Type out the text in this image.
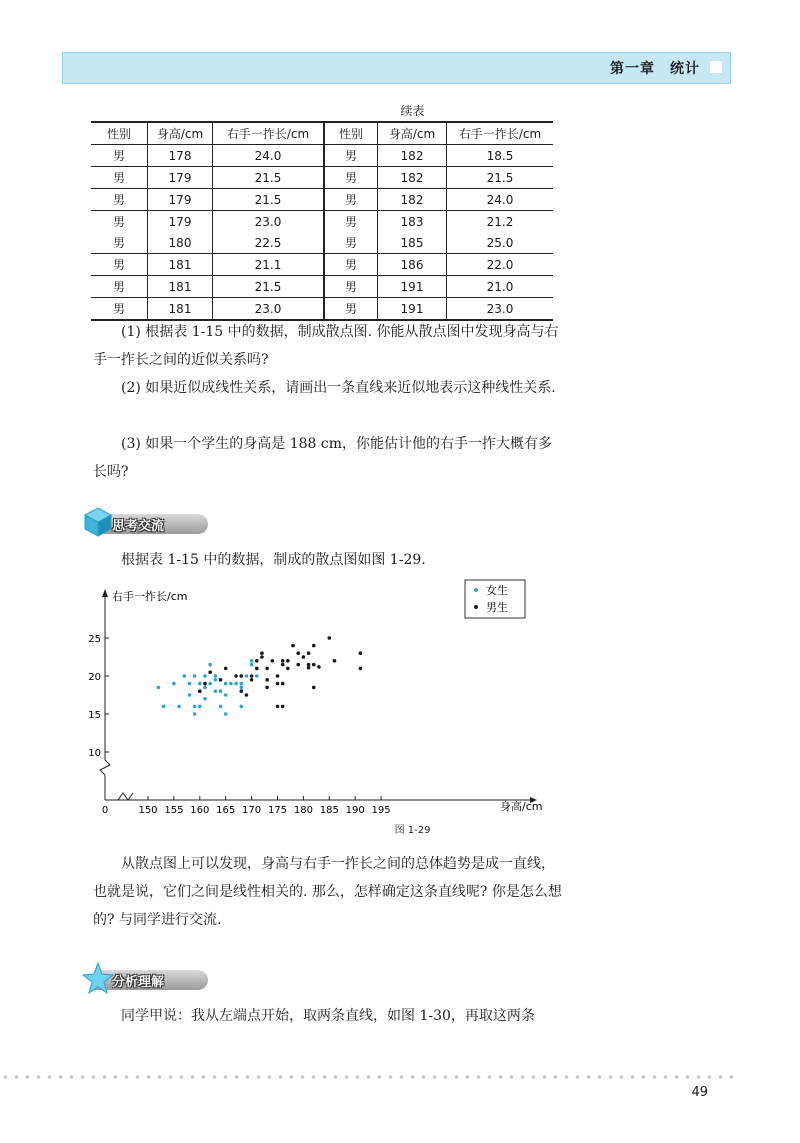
第一章　统计
续表
性别	身高/cm	右手一拃长/cm	性别	身高/cm	右手一拃长/cm
男	178	24.0	男	182	18.5
男	179	21.5	男	182	21.5
男	179	21.5	男	182	24.0
男	179	23.0	男	183	21.2
男	180	22.5	男	185	25.0
男	181	21.1	男	186	22.0
男	181	21.5	男	191	21.0
男	181	23.0	男	191	23.0
(1) 根据表 1-15 中的数据，制成散点图. 你能从散点图中发现身高与右手一拃长之间的近似关系吗?
(2) 如果近似成线性关系，请画出一条直线来近似地表示这种线性关系.
(3) 如果一个学生的身高是 188 cm，你能估计他的右手一拃大概有多长吗?
思考交流
根据表 1-15 中的数据，制成的散点图如图 1-29.
0	150 155 160 165 170 175 180 185 190 195
10
15
20
25
女生
男生
右手一拃长/cm
身高/cm
图 1-29
从散点图上可以发现，身高与右手一拃长之间的总体趋势是成一直线，也就是说，它们之间是线性相关的. 那么，怎样确定这条直线呢? 你是怎么想的? 与同学进行交流.
分析理解
同学甲说：我从左端点开始，取两条直线，如图 1-30，再取这两条
49
